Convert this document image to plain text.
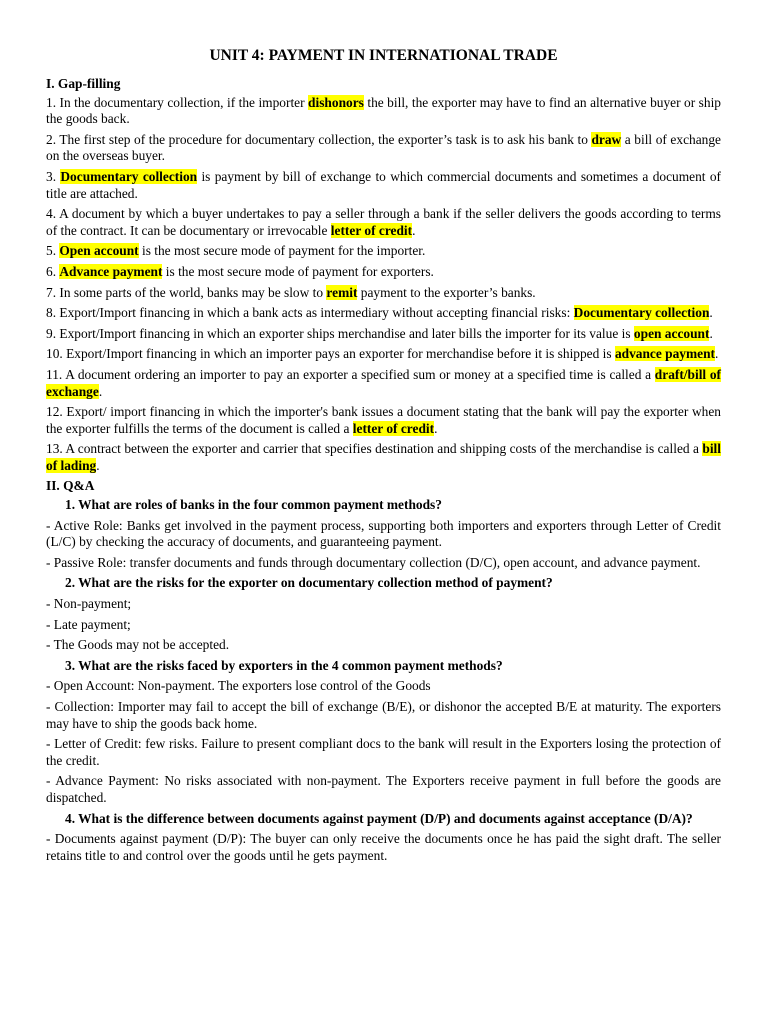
UNIT 4: PAYMENT IN INTERNATIONAL TRADE
I. Gap-filling
1. In the documentary collection, if the importer dishonors the bill, the exporter may have to find an alternative buyer or ship the goods back.
2. The first step of the procedure for documentary collection, the exporter’s task is to ask his bank to draw a bill of exchange on the overseas buyer.
3. Documentary collection is payment by bill of exchange to which commercial documents and sometimes a document of title are attached.
4. A document by which a buyer undertakes to pay a seller through a bank if the seller delivers the goods according to terms of the contract. It can be documentary or irrevocable letter of credit.
5. Open account is the most secure mode of payment for the importer.
6. Advance payment is the most secure mode of payment for exporters.
7. In some parts of the world, banks may be slow to remit payment to the exporter’s banks.
8. Export/Import financing in which a bank acts as intermediary without accepting financial risks: Documentary collection.
9. Export/Import financing in which an exporter ships merchandise and later bills the importer for its value is open account.
10. Export/Import financing in which an importer pays an exporter for merchandise before it is shipped is advance payment.
11. A document ordering an importer to pay an exporter a specified sum or money at a specified time is called a draft/bill of exchange.
12. Export/ import financing in which the importer's bank issues a document stating that the bank will pay the exporter when the exporter fulfills the terms of the document is called a letter of credit.
13. A contract between the exporter and carrier that specifies destination and shipping costs of the merchandise is called a bill of lading.
II. Q&A
1. What are roles of banks in the four common payment methods?
- Active Role: Banks get involved in the payment process, supporting both importers and exporters through Letter of Credit (L/C) by checking the accuracy of documents, and guaranteeing payment.
- Passive Role: transfer documents and funds through documentary collection (D/C), open account, and advance payment.
2. What are the risks for the exporter on documentary collection method of payment?
- Non-payment;
- Late payment;
- The Goods may not be accepted.
3. What are the risks faced by exporters in the 4 common payment methods?
- Open Account: Non-payment. The exporters lose control of the Goods
- Collection: Importer may fail to accept the bill of exchange (B/E), or dishonor the accepted B/E at maturity. The exporters may have to ship the goods back home.
- Letter of Credit: few risks. Failure to present compliant docs to the bank will result in the Exporters losing the protection of the credit.
- Advance Payment: No risks associated with non-payment. The Exporters receive payment in full before the goods are dispatched.
4. What is the difference between documents against payment (D/P) and documents against acceptance (D/A)?
- Documents against payment (D/P): The buyer can only receive the documents once he has paid the sight draft. The seller retains title to and control over the goods until he gets payment.
